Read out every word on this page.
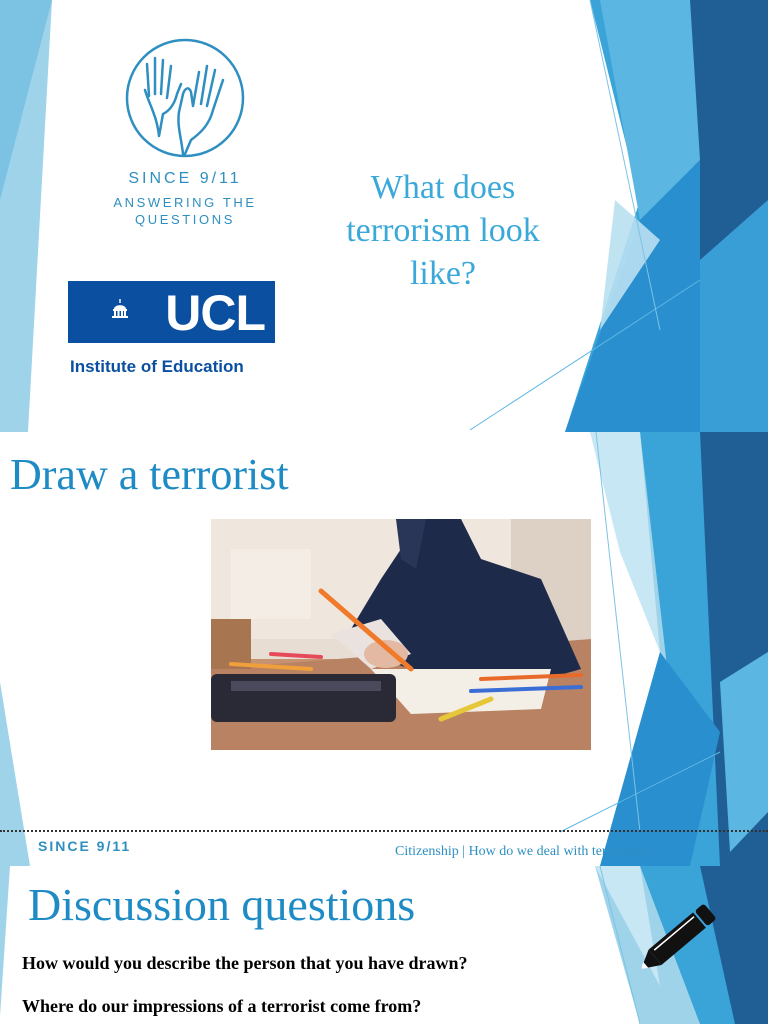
SINCE 9/11
ANSWERING THE
QUESTIONS
What does
terrorism look
like?
UCL
Institute of Education
Draw a terrorist
SINCE 9/11	Citizenship | How do we deal with terrorism?
Discussion questions
How would you describe the person that you have drawn?
Where do our impressions of a terrorist come from?
